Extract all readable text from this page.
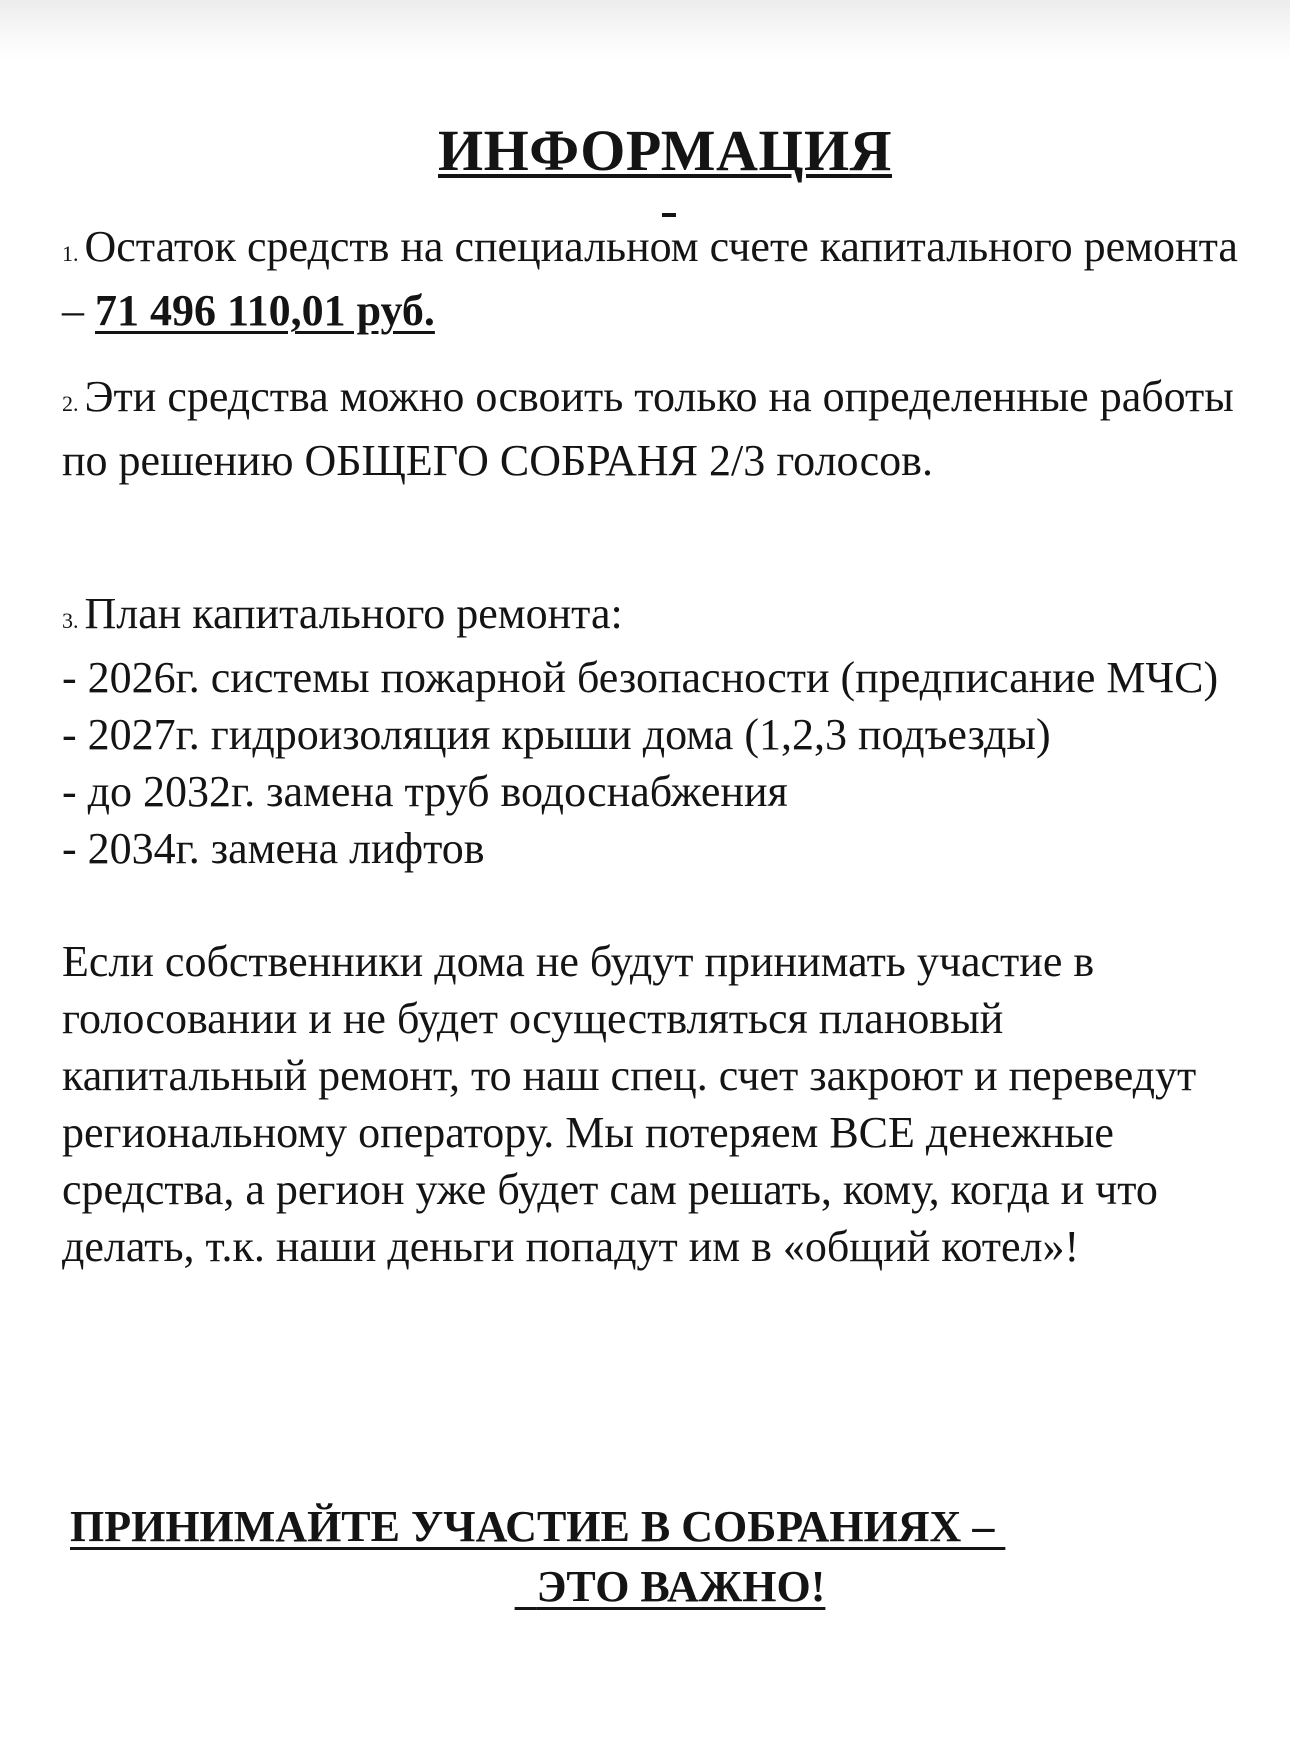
ИНФОРМАЦИЯ

1. Остаток средств на специальном счете капитального ремонта – 71 496 110,01 руб.

2. Эти средства можно освоить только на определенные работы по решению ОБЩЕГО СОБРАНЯ 2/3 голосов.

3. План капитального ремонта:
- 2026г. системы пожарной безопасности (предписание МЧС)
- 2027г. гидроизоляция крыши дома (1,2,3 подъезды)
- до 2032г. замена труб водоснабжения
- 2034г. замена лифтов

Если собственники дома не будут принимать участие в голосовании и не будет осуществляться плановый капитальный ремонт, то наш спец. счет закроют и переведут региональному оператору. Мы потеряем ВСЕ денежные средства, а регион уже будет сам решать, кому, когда и что делать, т.к. наши деньги попадут им в «общий котел»!

ПРИНИМАЙТЕ УЧАСТИЕ В СОБРАНИЯХ –
ЭТО ВАЖНО!
